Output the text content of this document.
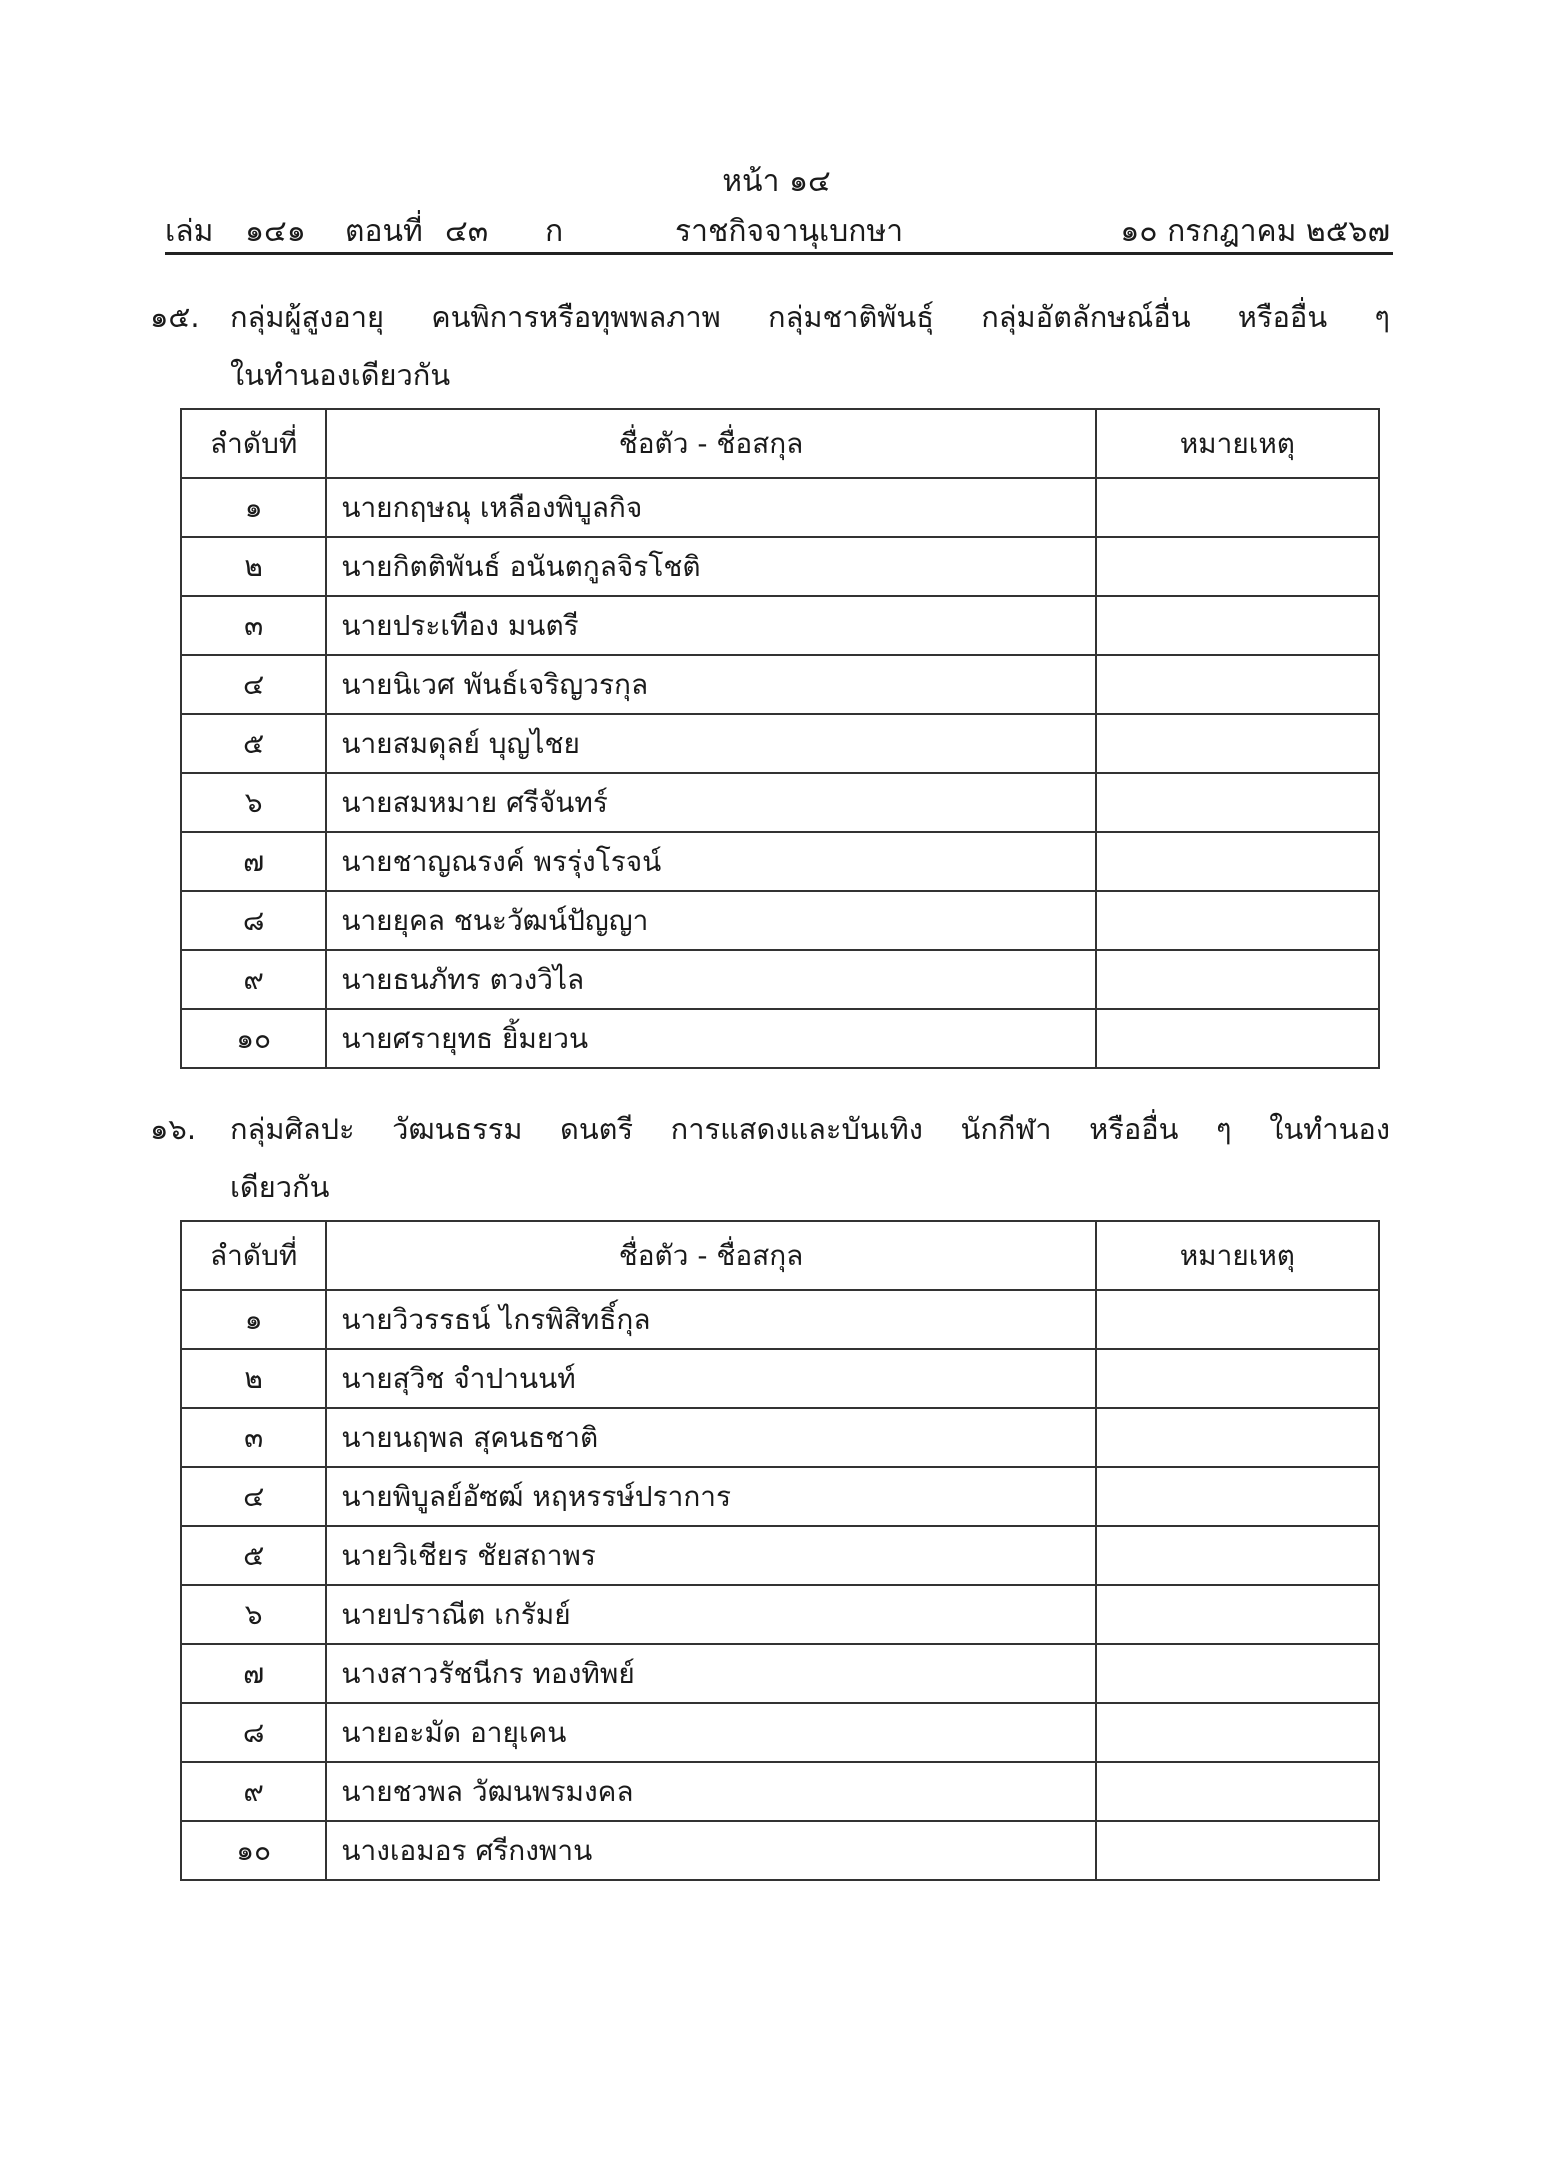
หน้า ๑๔
เล่ม ๑๔๑ ตอนที่ ๔๓ ก	ราชกิจจานุเบกษา	๑๐ กรกฎาคม ๒๕๖๗
๑๕. กลุ่มผู้สูงอายุ คนพิการหรือทุพพลภาพ กลุ่มชาติพันธุ์ กลุ่มอัตลักษณ์อื่น หรืออื่น ๆ
ในทำนองเดียวกัน
ลำดับที่	ชื่อตัว - ชื่อสกุล	หมายเหตุ
๑	นายกฤษณุ เหลืองพิบูลกิจ	
๒	นายกิตติพันธ์ อนันตกูลจิรโชติ	
๓	นายประเทือง มนตรี	
๔	นายนิเวศ พันธ์เจริญวรกุล	
๕	นายสมดุลย์ บุญไชย	
๖	นายสมหมาย ศรีจันทร์	
๗	นายชาญณรงค์ พรรุ่งโรจน์	
๘	นายยุคล ชนะวัฒน์ปัญญา	
๙	นายธนภัทร ตวงวิไล	
๑๐	นายศรายุทธ ยิ้มยวน	
๑๖. กลุ่มศิลปะ วัฒนธรรม ดนตรี การแสดงและบันเทิง นักกีฬา หรืออื่น ๆ ในทำนอง
เดียวกัน
ลำดับที่	ชื่อตัว - ชื่อสกุล	หมายเหตุ
๑	นายวิวรรธน์ ไกรพิสิทธิ์กุล	
๒	นายสุวิช จำปานนท์	
๓	นายนฤพล สุคนธชาติ	
๔	นายพิบูลย์อัซฒ์ หฤหรรษ์ปราการ	
๕	นายวิเชียร ชัยสถาพร	
๖	นายปราณีต เกรัมย์	
๗	นางสาวรัชนีกร ทองทิพย์	
๘	นายอะมัด อายุเคน	
๙	นายชวพล วัฒนพรมงคล	
๑๐	นางเอมอร ศรีกงพาน	
